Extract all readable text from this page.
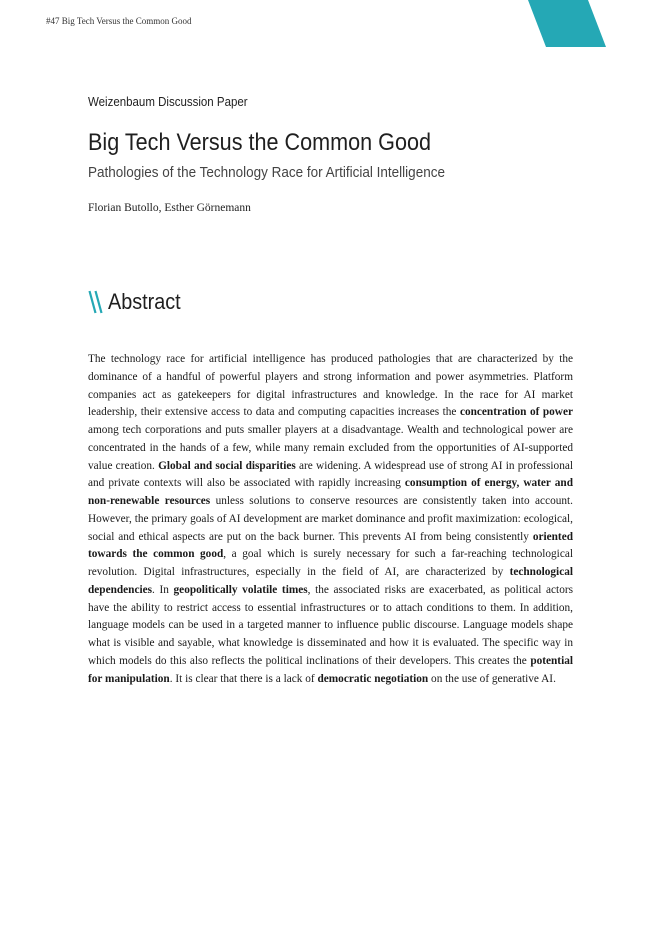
#47 Big Tech Versus the Common Good
Weizenbaum Discussion Paper
Big Tech Versus the Common Good
Pathologies of the Technology Race for Artificial Intelligence
Florian Butollo, Esther Görnemann
Abstract

The technology race for artificial intelligence has produced pathologies that are characterized by the dominance of a handful of powerful players and strong information and power asymmetries. Platform companies act as gatekeepers for digital infrastructures and knowledge. In the race for AI market leadership, their extensive access to data and computing capacities increases the concentration of power among tech corporations and puts smaller players at a disadvantage. Wealth and technological power are concentrated in the hands of a few, while many remain excluded from the opportunities of AI-supported value creation. Global and social disparities are widening. A widespread use of strong AI in professional and private contexts will also be associated with rapidly increasing consumption of energy, water and non-renewable resources unless solutions to conserve resources are consistently taken into account. However, the primary goals of AI development are market dominance and profit maximization: ecological, social and ethical aspects are put on the back burner. This prevents AI from being consistently oriented towards the common good, a goal which is surely necessary for such a far-reaching technological revolution. Digital infrastructures, especially in the field of AI, are characterized by technological dependencies. In geopolitically volatile times, the associated risks are exacerbated, as political actors have the ability to restrict access to essential infrastructures or to attach conditions to them. In addition, language models can be used in a targeted manner to influence public discourse. Language models shape what is visible and sayable, what knowledge is disseminated and how it is evaluated. The specific way in which models do this also reflects the political inclinations of their developers. This creates the potential for manipulation. It is clear that there is a lack of democratic negotiation on the use of generative AI.
